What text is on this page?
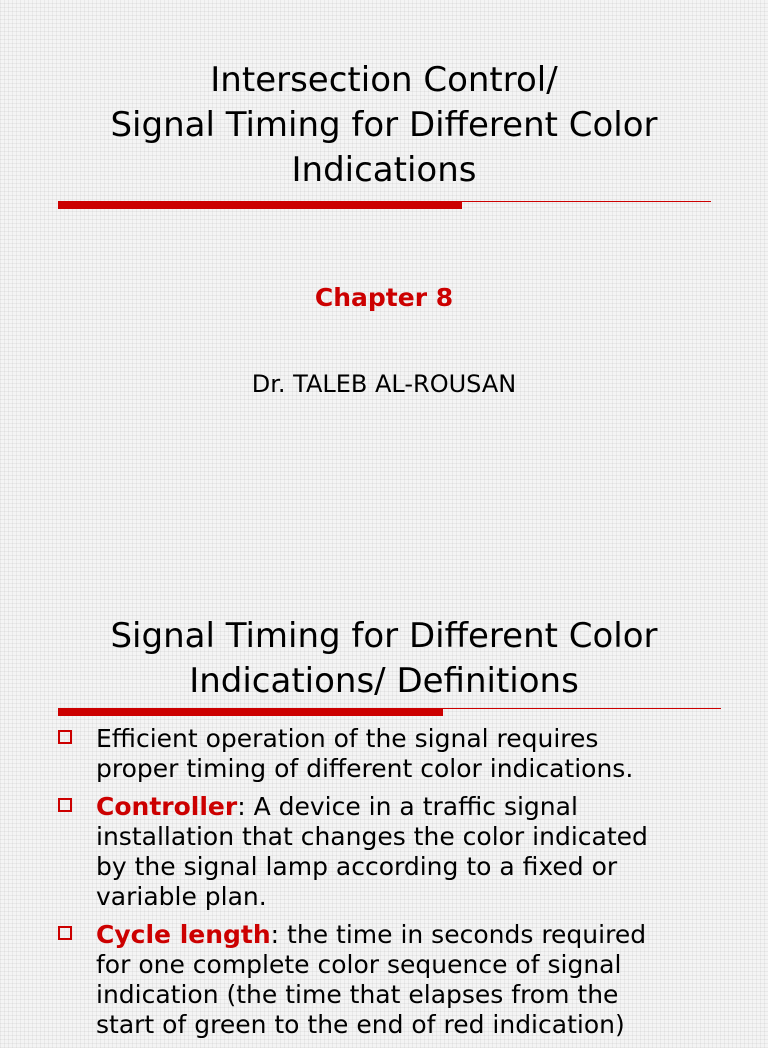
Intersection Control/
Signal Timing for Different Color
Indications
Chapter 8
Dr. TALEB AL-ROUSAN
Signal Timing for Different Color
Indications/ Definitions
Efficient operation of the signal requires
proper timing of different color indications.
Controller: A device in a traffic signal
installation that changes the color indicated
by the signal lamp according to a fixed or
variable plan.
Cycle length: the time in seconds required
for one complete color sequence of signal
indication (the time that elapses from the
start of green to the end of red indication)
